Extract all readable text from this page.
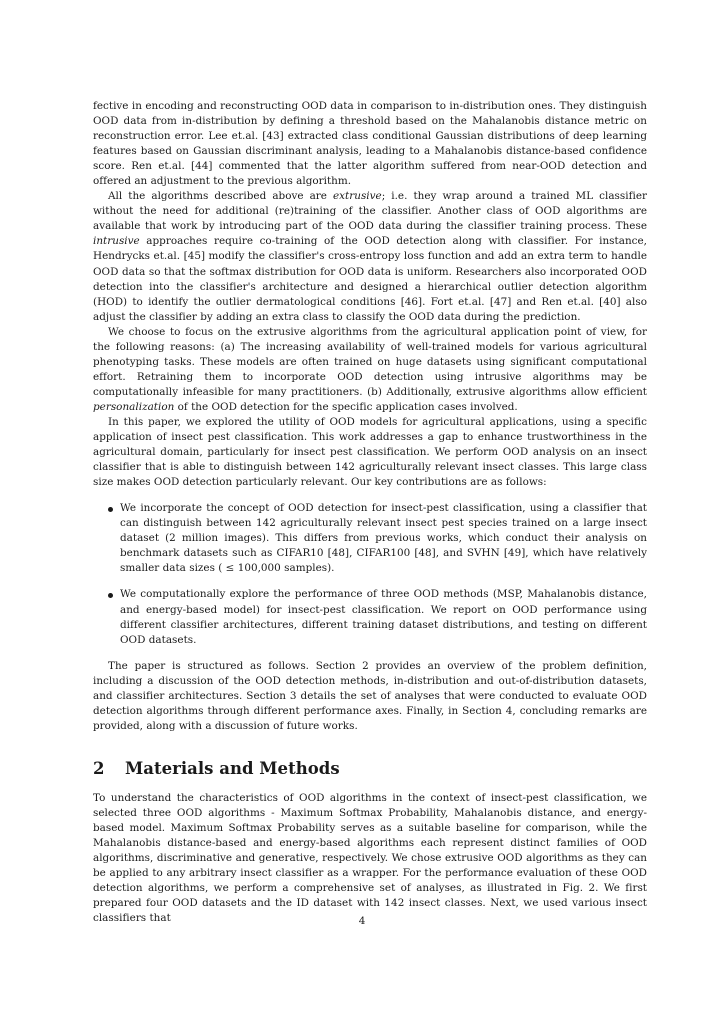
fective in encoding and reconstructing OOD data in comparison to in-distribution ones. They distinguish OOD data from in-distribution by defining a threshold based on the Mahalanobis distance metric on reconstruction error. Lee et.al. [43] extracted class conditional Gaussian distributions of deep learning features based on Gaussian discriminant analysis, leading to a Mahalanobis distance-based confidence score. Ren et.al. [44] commented that the latter algorithm suffered from near-OOD detection and offered an adjustment to the previous algorithm.

All the algorithms described above are extrusive; i.e. they wrap around a trained ML classifier without the need for additional (re)training of the classifier. Another class of OOD algorithms are available that work by introducing part of the OOD data during the classifier training process. These intrusive approaches require co-training of the OOD detection along with classifier. For instance, Hendrycks et.al. [45] modify the classifier's cross-entropy loss function and add an extra term to handle OOD data so that the softmax distribution for OOD data is uniform. Researchers also incorporated OOD detection into the classifier's architecture and designed a hierarchical outlier detection algorithm (HOD) to identify the outlier dermatological conditions [46]. Fort et.al. [47] and Ren et.al. [40] also adjust the classifier by adding an extra class to classify the OOD data during the prediction.

We choose to focus on the extrusive algorithms from the agricultural application point of view, for the following reasons: (a) The increasing availability of well-trained models for various agricultural phenotyping tasks. These models are often trained on huge datasets using significant computational effort. Retraining them to incorporate OOD detection using intrusive algorithms may be computationally infeasible for many practitioners. (b) Additionally, extrusive algorithms allow efficient personalization of the OOD detection for the specific application cases involved.

In this paper, we explored the utility of OOD models for agricultural applications, using a specific application of insect pest classification. This work addresses a gap to enhance trustworthiness in the agricultural domain, particularly for insect pest classification. We perform OOD analysis on an insect classifier that is able to distinguish between 142 agriculturally relevant insect classes. This large class size makes OOD detection particularly relevant. Our key contributions are as follows:

We incorporate the concept of OOD detection for insect-pest classification, using a classifier that can distinguish between 142 agriculturally relevant insect pest species trained on a large insect dataset (2 million images). This differs from previous works, which conduct their analysis on benchmark datasets such as CIFAR10 [48], CIFAR100 [48], and SVHN [49], which have relatively smaller data sizes ( ≤ 100,000 samples).
We computationally explore the performance of three OOD methods (MSP, Mahalanobis distance, and energy-based model) for insect-pest classification. We report on OOD performance using different classifier architectures, different training dataset distributions, and testing on different OOD datasets.

The paper is structured as follows. Section 2 provides an overview of the problem definition, including a discussion of the OOD detection methods, in-distribution and out-of-distribution datasets, and classifier architectures. Section 3 details the set of analyses that were conducted to evaluate OOD detection algorithms through different performance axes. Finally, in Section 4, concluding remarks are provided, along with a discussion of future works.

2 Materials and Methods

To understand the characteristics of OOD algorithms in the context of insect-pest classification, we selected three OOD algorithms - Maximum Softmax Probability, Mahalanobis distance, and energy-based model. Maximum Softmax Probability serves as a suitable baseline for comparison, while the Mahalanobis distance-based and energy-based algorithms each represent distinct families of OOD algorithms, discriminative and generative, respectively. We chose extrusive OOD algorithms as they can be applied to any arbitrary insect classifier as a wrapper. For the performance evaluation of these OOD detection algorithms, we perform a comprehensive set of analyses, as illustrated in Fig. 2. We first prepared four OOD datasets and the ID dataset with 142 insect classes. Next, we used various insect classifiers that	4
